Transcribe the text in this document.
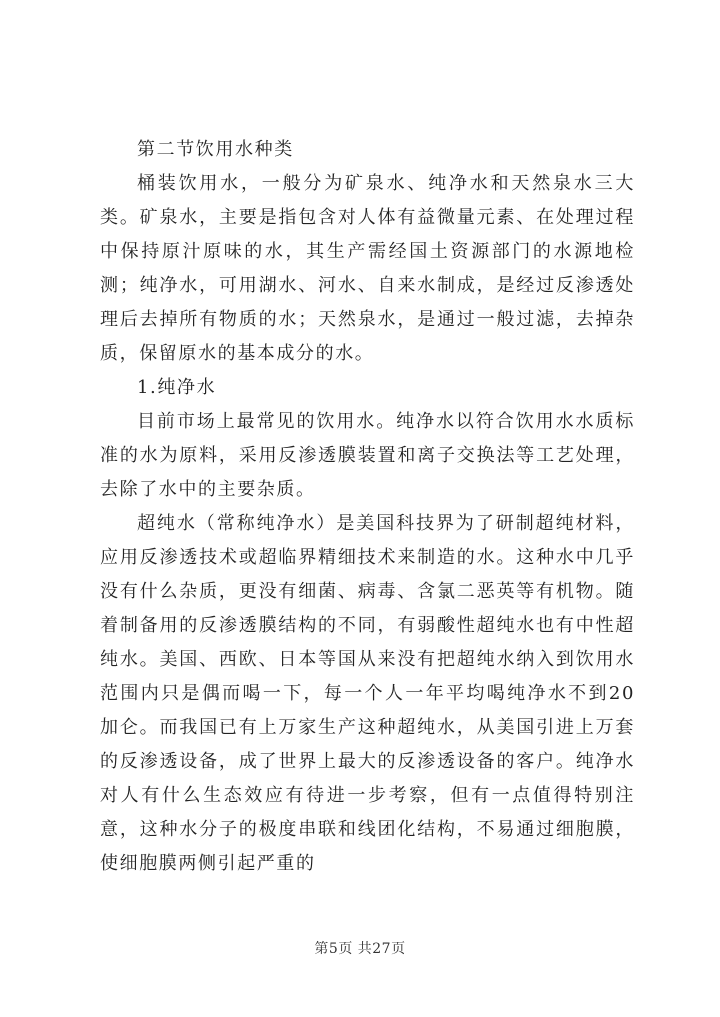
第二节饮用水种类

桶装饮用水，一般分为矿泉水、纯净水和天然泉水三大类。矿泉水，主要是指包含对人体有益微量元素、在处理过程中保持原汁原味的水，其生产需经国土资源部门的水源地检测；纯净水，可用湖水、河水、自来水制成，是经过反渗透处理后去掉所有物质的水；天然泉水，是通过一般过滤，去掉杂质，保留原水的基本成分的水。

1.纯净水

目前市场上最常见的饮用水。纯净水以符合饮用水水质标准的水为原料，采用反渗透膜装置和离子交换法等工艺处理，去除了水中的主要杂质。

超纯水（常称纯净水）是美国科技界为了研制超纯材料，应用反渗透技术或超临界精细技术来制造的水。这种水中几乎没有什么杂质，更没有细菌、病毒、含氯二恶英等有机物。随着制备用的反渗透膜结构的不同，有弱酸性超纯水也有中性超纯水。美国、西欧、日本等国从来没有把超纯水纳入到饮用水范围内只是偶而喝一下，每一个人一年平均喝纯净水不到20加仑。而我国已有上万家生产这种超纯水，从美国引进上万套的反渗透设备，成了世界上最大的反渗透设备的客户。纯净水对人有什么生态效应有待进一步考察，但有一点值得特别注意，这种水分子的极度串联和线团化结构，不易通过细胞膜，使细胞膜两侧引起严重的

第5页 共27页
